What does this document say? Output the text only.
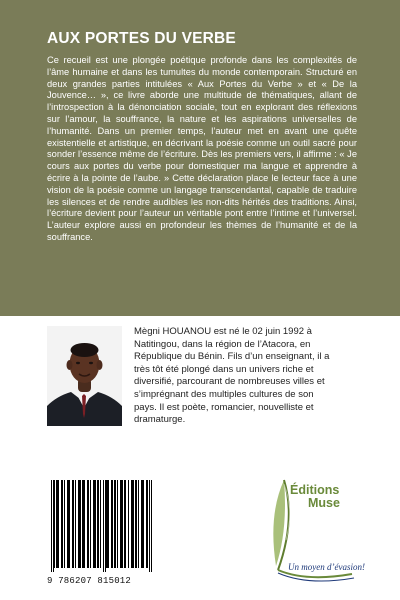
AUX PORTES DU VERBE

Ce recueil est une plongée poétique profonde dans les complexités de l’âme humaine et dans les tumultes du monde contemporain. Structuré en deux grandes parties intitulées « Aux Portes du Verbe » et « De la Jouvence… », ce livre aborde une multitude de thématiques, allant de l’introspection à la dénonciation sociale, tout en explorant des réflexions sur l’amour, la souffrance, la nature et les aspirations universelles de l’humanité. Dans un premier temps, l’auteur met en avant une quête existentielle et artistique, en décrivant la poésie comme un outil sacré pour sonder l’essence même de l’écriture. Dès les premiers vers, il affirme : « Je cours aux portes du verbe pour domestiquer ma langue et apprendre à écrire à la pointe de l’aube. » Cette déclaration place le lecteur face à une vision de la poésie comme un langage transcendantal, capable de traduire les silences et de rendre audibles les non-dits hérités des traditions. Ainsi, l’écriture devient pour l’auteur un véritable pont entre l’intime et l’universel. L’auteur explore aussi en profondeur les thèmes de l’humanité et de la souffrance.

Mègni HOUANOU est né le 02 juin 1992 à Natitingou, dans la région de l’Atacora, en République du Bénin. Fils d’un enseignant, il a très tôt été plongé dans un univers riche et diversifié, parcourant de nombreuses villes et s’imprégnant des multiples cultures de son pays. Il est poète, romancier, nouvelliste et dramaturge.

9 786207 815012

Éditions

Muse

Un moyen d’évasion!
